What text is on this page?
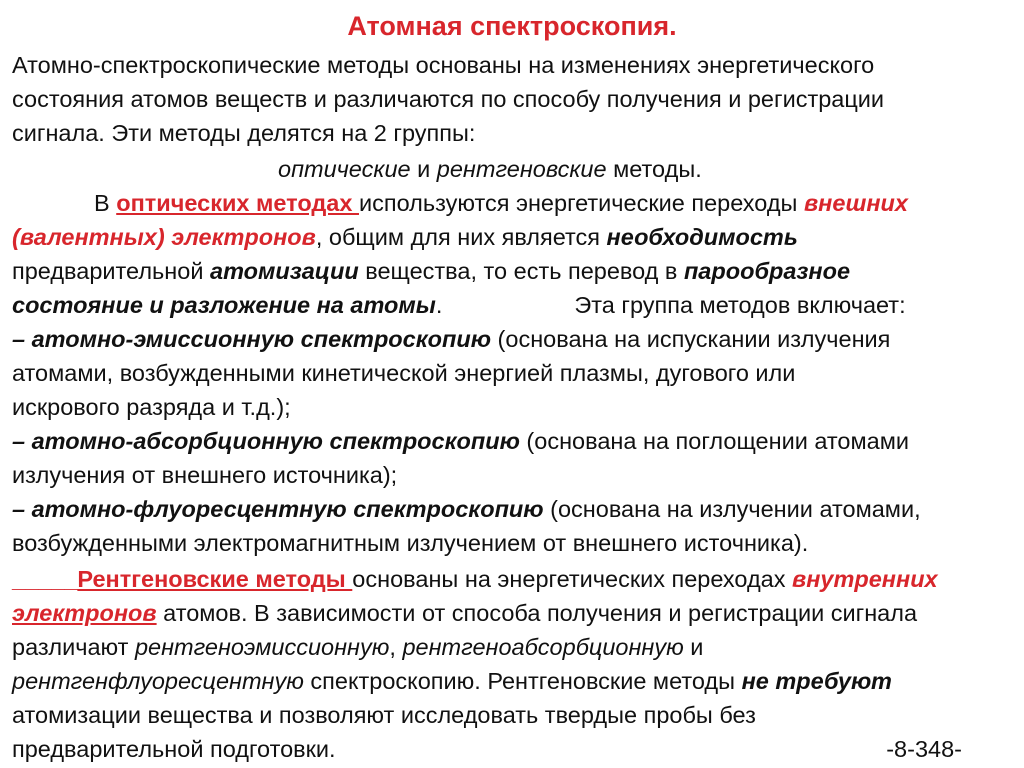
Атомная спектроскопия.
Атомно-спектроскопические методы основаны на изменениях энергетического
состояния атомов веществ и различаются по способу получения и регистрации
сигнала. Эти методы делятся на 2 группы:
оптические и рентгеновские методы.
В оптических методах используются энергетические переходы внешних
(валентных) электронов, общим для них является необходимость
предварительной атомизации вещества, то есть перевод в парообразное
состояние и разложение на атомы.	Эта группа методов включает:
– атомно-эмиссионную спектроскопию (основана на испускании излучения
атомами, возбужденными кинетической энергией плазмы, дугового или
искрового разряда и т.д.);
– атомно-абсорбционную спектроскопию (основана на поглощении атомами
излучения от внешнего источника);
– атомно-флуоресцентную спектроскопию (основана на излучении атомами,
возбужденными электромагнитным излучением от внешнего источника).
_____Рентгеновские методы основаны на энергетических переходах внутренних
электронов атомов. В зависимости от способа получения и регистрации сигнала
различают рентгеноэмиссионную, рентгеноабсорбционную и
рентгенфлуоресцентную спектроскопию. Рентгеновские методы не требуют
атомизации вещества и позволяют исследовать твердые пробы без
предварительной подготовки.	-8-348-
